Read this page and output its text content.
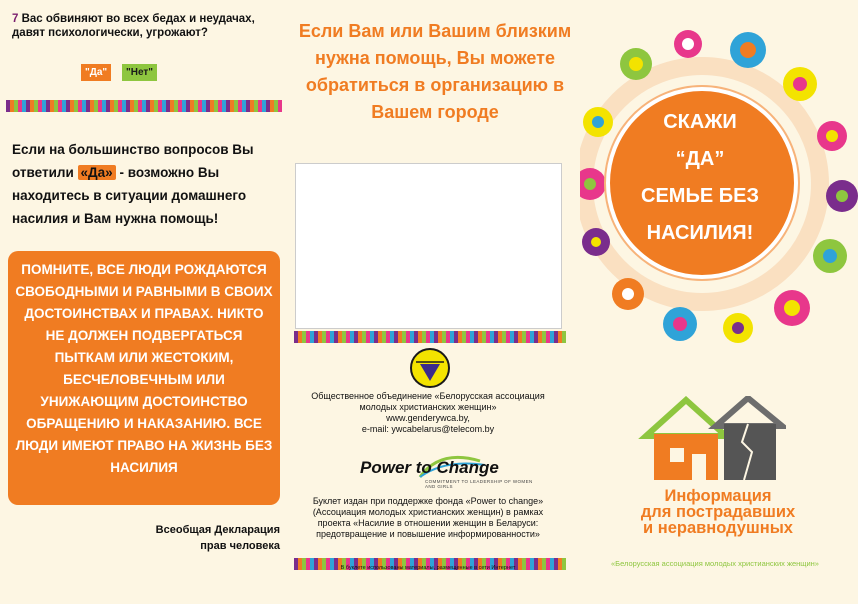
7 Вас обвиняют во всех бедах и неудачах, давят психологически, угрожают?
"Да"	"Нет"
Если на большинство вопросов Вы ответили «Да» - возможно Вы находитесь в ситуации домашнего насилия и Вам нужна помощь!
ПОМНИТЕ, ВСЕ ЛЮДИ РОЖДАЮТСЯ СВОБОДНЫМИ И РАВНЫМИ В СВОИХ ДОСТОИНСТВАХ И ПРАВАХ. НИКТО НЕ ДОЛЖЕН ПОДВЕРГАТЬСЯ ПЫТКАМ ИЛИ ЖЕСТОКИМ, БЕСЧЕЛОВЕЧНЫМ ИЛИ УНИЖАЮЩИМ ДОСТОИНСТВО ОБРАЩЕНИЮ И НАКАЗАНИЮ. ВСЕ ЛЮДИ ИМЕЮТ ПРАВО НА ЖИЗНЬ БЕЗ НАСИЛИЯ
Всеобщая Декларация
прав человека
Если Вам или Вашим близким нужна помощь, Вы можете обратиться в организацию в Вашем городе
Общественное объединение «Белорусская ассоциация молодых христианских женщин»
www.genderywca.by,
e-mail: ywcabelarus@telecom.by
Power to Change
COMMITMENT TO LEADERSHIP OF WOMEN AND GIRLS
Буклет издан при поддержке фонда «Power to change» (Ассоциация молодых христианских женщин) в рамках проекта «Насилие в отношении женщин в Беларуси: предотвращение и повышение информированности»
В буклете использованы материалы, размещенные в сети Интернет
СКАЖИ
“ДА”
СЕМЬЕ БЕЗ
НАСИЛИЯ!
Информация
для пострадавших
и неравнодушных
«Белорусская ассоциация молодых христианских женщин»
